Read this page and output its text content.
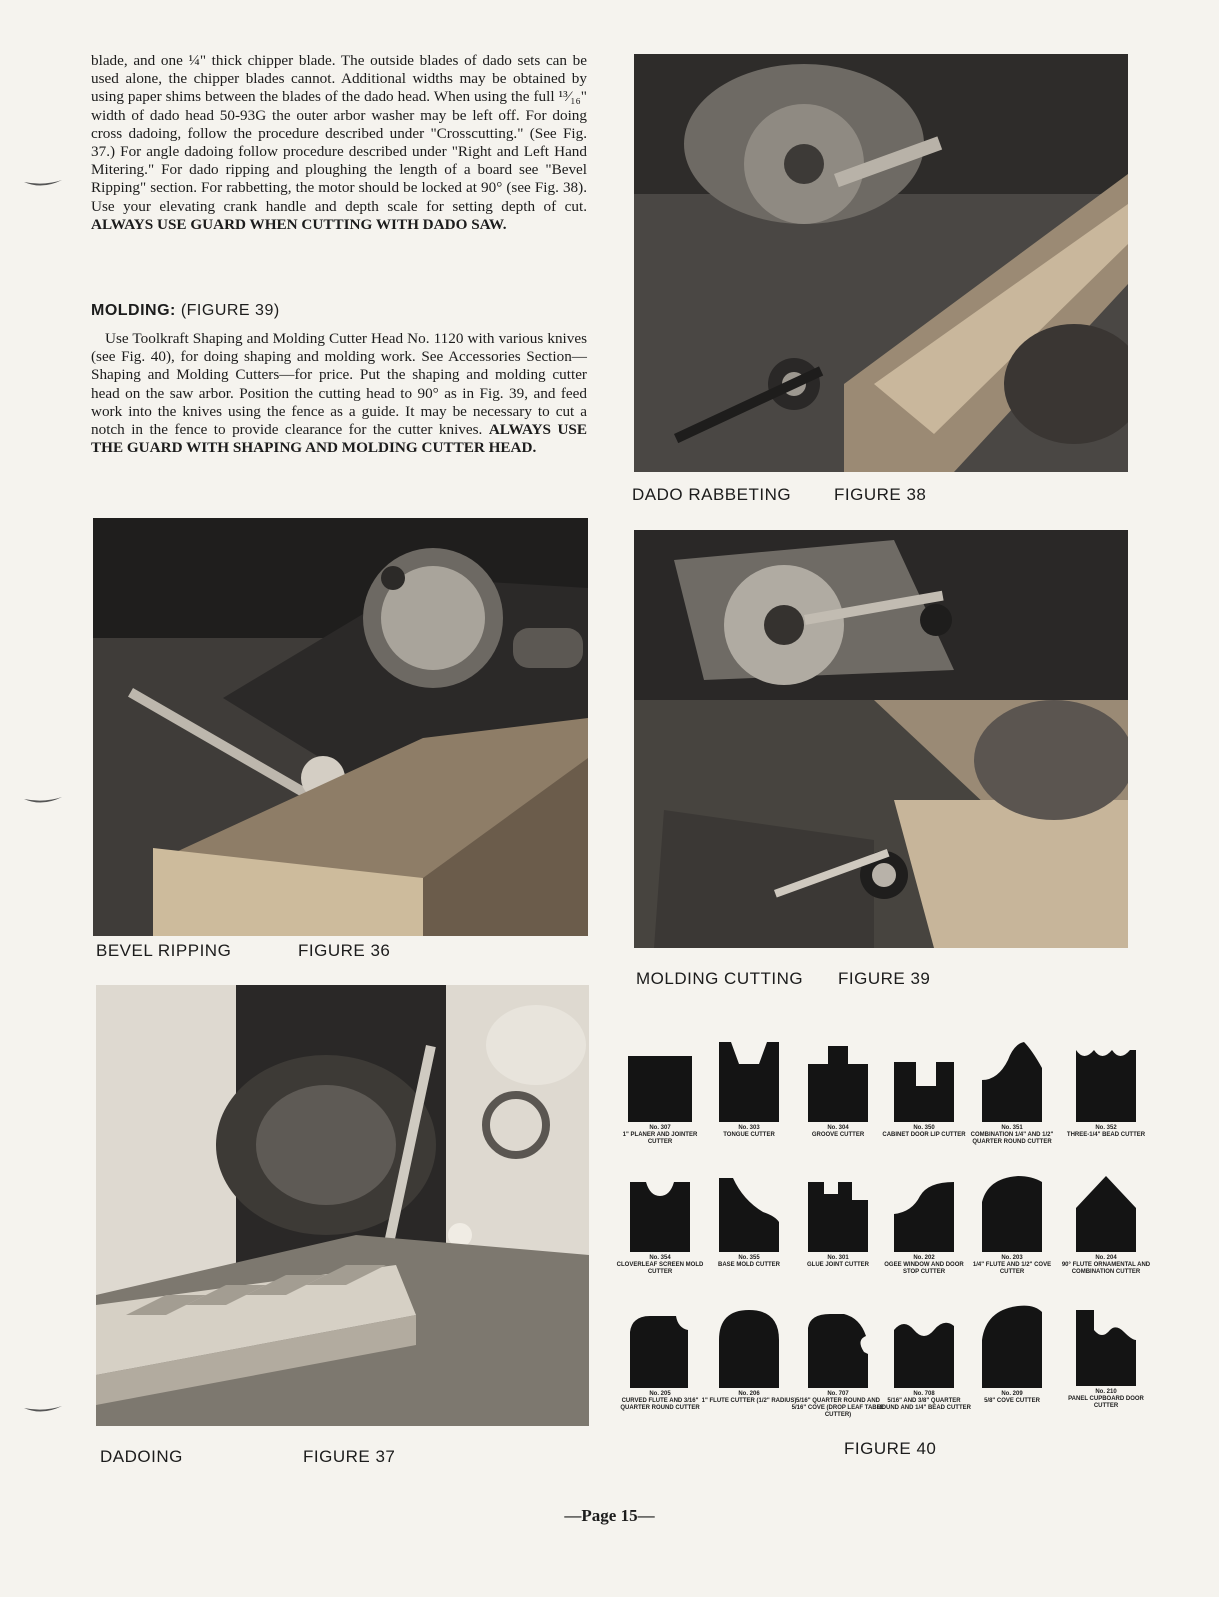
blade, and one ¼" thick chipper blade. The outside blades of dado sets can be used alone, the chipper blades cannot. Additional widths may be obtained by using paper shims between the blades of the dado head. When using the full ¹³⁄₁₆" width of dado head 50-93G the outer arbor washer may be left off. For doing cross dadoing, follow the procedure described under "Crosscutting." (See Fig. 37.) For angle dadoing follow procedure described under "Right and Left Hand Mitering." For dado ripping and ploughing the length of a board see "Bevel Ripping" section. For rabbetting, the motor should be locked at 90° (see Fig. 38). Use your elevating crank handle and depth scale for setting depth of cut. ALWAYS USE GUARD WHEN CUTTING WITH DADO SAW.

MOLDING: (FIGURE 39)

Use Toolkraft Shaping and Molding Cutter Head No. 1120 with various knives (see Fig. 40), for doing shaping and molding work. See Accessories Section—Shaping and Molding Cutters—for price. Put the shaping and molding cutter head on the saw arbor. Position the cutting head to 90° as in Fig. 39, and feed work into the knives using the fence as a guide. It may be necessary to cut a notch in the fence to provide clearance for the cutter knives. ALWAYS USE THE GUARD WITH SHAPING AND MOLDING CUTTER HEAD.

DADO RABBETING	FIGURE 38
BEVEL RIPPING	FIGURE 36
MOLDING CUTTING FIGURE 39
DADOING	FIGURE 37
No. 307
1" PLANER AND JOINTER CUTTER
No. 303
TONGUE CUTTER
No. 304
GROOVE CUTTER
No. 350
CABINET DOOR LIP CUTTER
No. 351
COMBINATION 1/4" AND 1/2" QUARTER ROUND CUTTER
No. 352
THREE-1/4" BEAD CUTTER
No. 354
CLOVERLEAF SCREEN MOLD CUTTER
No. 355
BASE MOLD CUTTER
No. 301
GLUE JOINT CUTTER
No. 202
OGEE WINDOW AND DOOR STOP CUTTER
No. 203
1/4" FLUTE AND 1/2" COVE CUTTER
No. 204
90° FLUTE ORNAMENTAL AND COMBINATION CUTTER
No. 205
CURVED FLUTE AND 3/16" QUARTER ROUND CUTTER
No. 206
1" FLUTE CUTTER (1/2" RADIUS)
No. 707
5/16" QUARTER ROUND AND 5/16" COVE (DROP LEAF TABLE CUTTER)
No. 708
5/16" AND 3/8" QUARTER ROUND AND 1/4" BEAD CUTTER
No. 209
5/8" COVE CUTTER
No. 210
PANEL CUPBOARD DOOR CUTTER
FIGURE 40
—Page 15—
